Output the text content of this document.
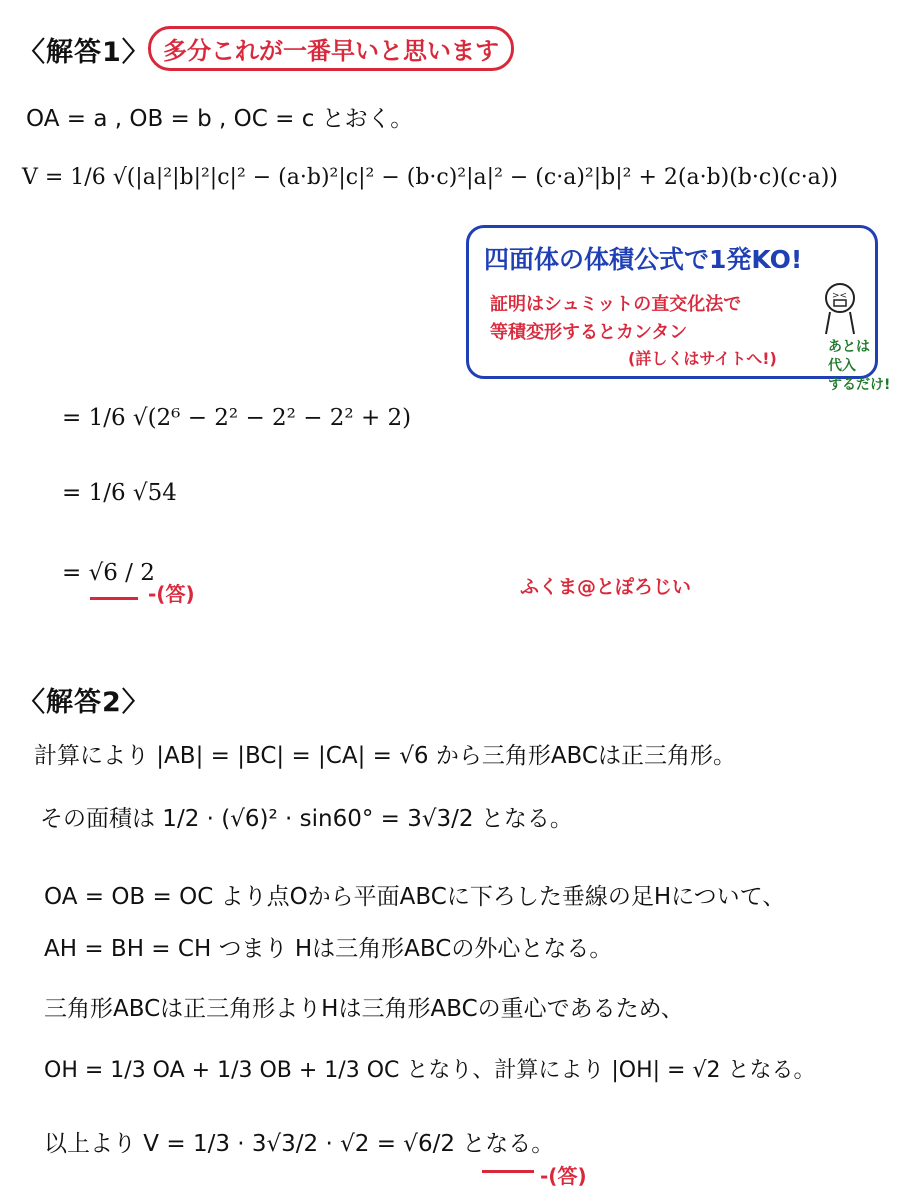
〈解答1〉 多分これが一番早いと思います
OA = a , OB = b , OC = c とおく。
V = 1/6 √(|a|²|b|²|c|² − (a·b)²|c|² − (b·c)²|a|² − (c·a)²|b|² + 2(a·b)(b·c)(c·a))
四面体の体積公式で1発KO!
証明はシュミットの直交化法で
等積変形するとカンタン
(詳しくはサイトへ!)
><
あとは
代入
するだけ!
= 1/6 √(2⁶ − 2² − 2² − 2² + 2)
= 1/6 √54
= √6 / 2
-(答)	ふくま@とぽろじい
〈解答2〉
計算により |AB| = |BC| = |CA| = √6 から三角形ABCは正三角形。
その面積は 1/2 · (√6)² · sin60° = 3√3/2 となる。
OA = OB = OC より点Oから平面ABCに下ろした垂線の足Hについて、
AH = BH = CH つまり Hは三角形ABCの外心となる。
三角形ABCは正三角形よりHは三角形ABCの重心であるため、
OH = 1/3 OA + 1/3 OB + 1/3 OC となり、計算により |OH| = √2 となる。
以上より V = 1/3 · 3√3/2 · √2 = √6/2 となる。
-(答)
